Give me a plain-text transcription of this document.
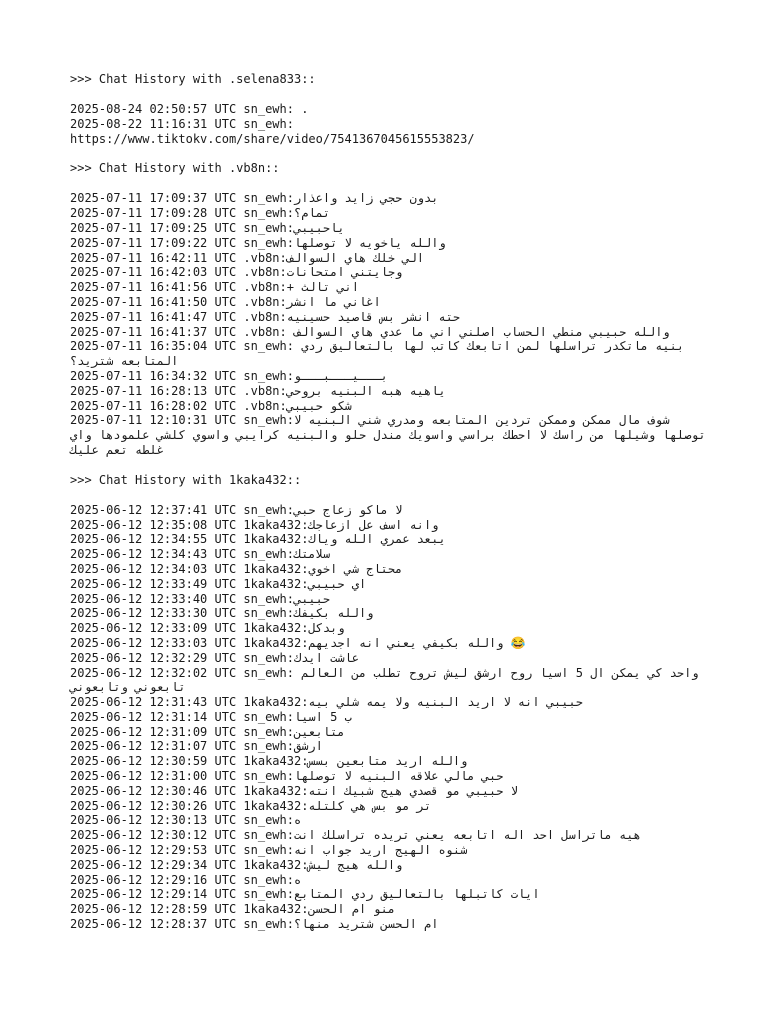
>>> Chat History with .selena833::
2025-08-24 02:50:57 UTC sn_ewh: .
2025-08-22 11:16:31 UTC sn_ewh:
https://www.tiktokv.com/share/video/7541367045615553823/
>>> Chat History with .vb8n::
2025-07-11 17:09:37 UTC sn_ewh:بدون حجي زايد واعذار
2025-07-11 17:09:28 UTC sn_ewh:تمام؟
2025-07-11 17:09:25 UTC sn_ewh:ياحبيبي
2025-07-11 17:09:22 UTC sn_ewh:والله ياخويه لا توصلها
2025-07-11 16:42:11 UTC .vb8n:الي خلك هاي السوالف
2025-07-11 16:42:03 UTC .vb8n:وجايتني امتحانات
2025-07-11 16:41:56 UTC .vb8n:+ اني تالث
2025-07-11 16:41:50 UTC .vb8n:اغاني ما انشر
2025-07-11 16:41:47 UTC .vb8n:حته انشر بس قاصيد حسينيه
2025-07-11 16:41:37 UTC .vb8n: والله حبيبي منطي الحساب اصلني اني ما عدي هاي السوالف
2025-07-11 16:35:04 UTC sn_ewh: بنيه ماتكدر تراسلها لمن اتابعك كاتب لها بالتعاليق ردي المتابعه شتريد؟
2025-07-11 16:34:32 UTC sn_ewh:بـــيـــبـــو
2025-07-11 16:28:13 UTC .vb8n:ياهيه هبه البنيه بروحي
2025-07-11 16:28:02 UTC .vb8n:شكو حبيبي
2025-07-11 12:10:31 UTC sn_ewh:شوف مال ممكن وممكن تردين المتابعه ومدري شني البنيه لا توصلها وشيلها من راسك لا احطك براسي واسويك مندل حلو والبنيه كرايبي واسوي كلشي علمودها واي غلطه تعم عليك
>>> Chat History with 1kaka432::
2025-06-12 12:37:41 UTC sn_ewh:لا ماكو زعاج حبي
2025-06-12 12:35:08 UTC 1kaka432:وانه اسف عل ازعاجك
2025-06-12 12:34:55 UTC 1kaka432:يبعد عمري الله وياك
2025-06-12 12:34:43 UTC sn_ewh:سلامتك
2025-06-12 12:34:03 UTC 1kaka432:محتاج شي اخوي
2025-06-12 12:33:49 UTC 1kaka432:اي حبيبي
2025-06-12 12:33:40 UTC sn_ewh:حبيبي
2025-06-12 12:33:30 UTC sn_ewh:والله بكيفك
2025-06-12 12:33:09 UTC 1kaka432:وبدكل
2025-06-12 12:33:03 UTC 1kaka432:والله بكيفي يعني انه اجديهم 😂
2025-06-12 12:32:29 UTC sn_ewh:عاشت ايدك
2025-06-12 12:32:02 UTC sn_ewh: واحد كي يمكن ال 5 اسيا روح ارشق ليش تروح تطلب من العالم تابعوني وتابعوني
2025-06-12 12:31:43 UTC 1kaka432:حبيبي انه لا اريد البنيه ولا يمه شلي بيه
2025-06-12 12:31:14 UTC sn_ewh:ب 5 اسيا
2025-06-12 12:31:09 UTC sn_ewh:متابعين
2025-06-12 12:31:07 UTC sn_ewh:ارشق
2025-06-12 12:30:59 UTC 1kaka432:والله اريد متابعين بسس
2025-06-12 12:31:00 UTC sn_ewh:حبي مالي علاقه البنيه لا توصلها
2025-06-12 12:30:46 UTC 1kaka432:لا حبيبي مو قصدي هيج شبيك انته
2025-06-12 12:30:26 UTC 1kaka432:تر مو بس هي كلتله
2025-06-12 12:30:13 UTC sn_ewh:ه
2025-06-12 12:30:12 UTC sn_ewh:هيه ماتراسل احد اله اتابعه يعني تريده تراسلك انت
2025-06-12 12:29:53 UTC sn_ewh:شنوه الهيج اريد جواب انه
2025-06-12 12:29:34 UTC 1kaka432:والله هيج ليش
2025-06-12 12:29:16 UTC sn_ewh:ه
2025-06-12 12:29:14 UTC sn_ewh:ايات كاتبلها بالتعاليق ردي المتابع
2025-06-12 12:28:59 UTC 1kaka432:منو ام الحسن
2025-06-12 12:28:37 UTC sn_ewh:ام الحسن شتريد منها؟
